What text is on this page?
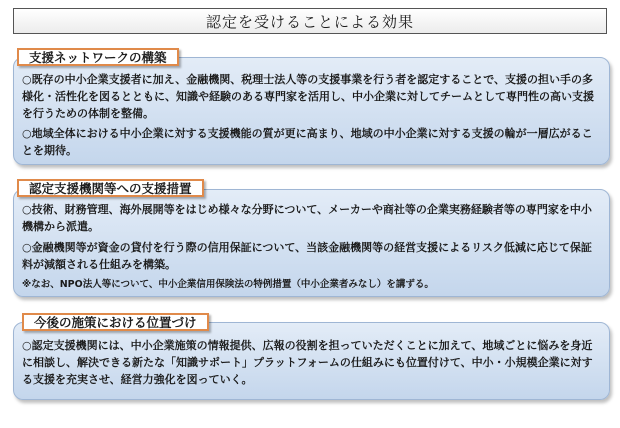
認定を受けることによる効果
○既存の中小企業支援者に加え、金融機関、税理士法人等の支援事業を行う者を認定することで、支援の担い手の多様化・活性化を図るとともに、知識や経験のある専門家を活用し、中小企業に対してチームとして専門性の高い支援を行うための体制を整備。
○地域全体における中小企業に対する支援機能の質が更に高まり、地域の中小企業に対する支援の輪が一層広がることを期待。
支援ネットワークの構築
○技術、財務管理、海外展開等をはじめ様々な分野について、メーカーや商社等の企業実務経験者等の専門家を中小機構から派遣。
○金融機関等が資金の貸付を行う際の信用保証について、当該金融機関等の経営支援によるリスク低減に応じて保証料が減額される仕組みを構築。
※なお、NPO法人等について、中小企業信用保険法の特例措置（中小企業者みなし）を講ずる。
認定支援機関等への支援措置
○認定支援機関には、中小企業施策の情報提供、広報の役割を担っていただくことに加えて、地域ごとに悩みを身近に相談し、解決できる新たな「知識サポート」プラットフォームの仕組みにも位置付けて、中小・小規模企業に対する支援を充実させ、経営力強化を図っていく。
今後の施策における位置づけ
